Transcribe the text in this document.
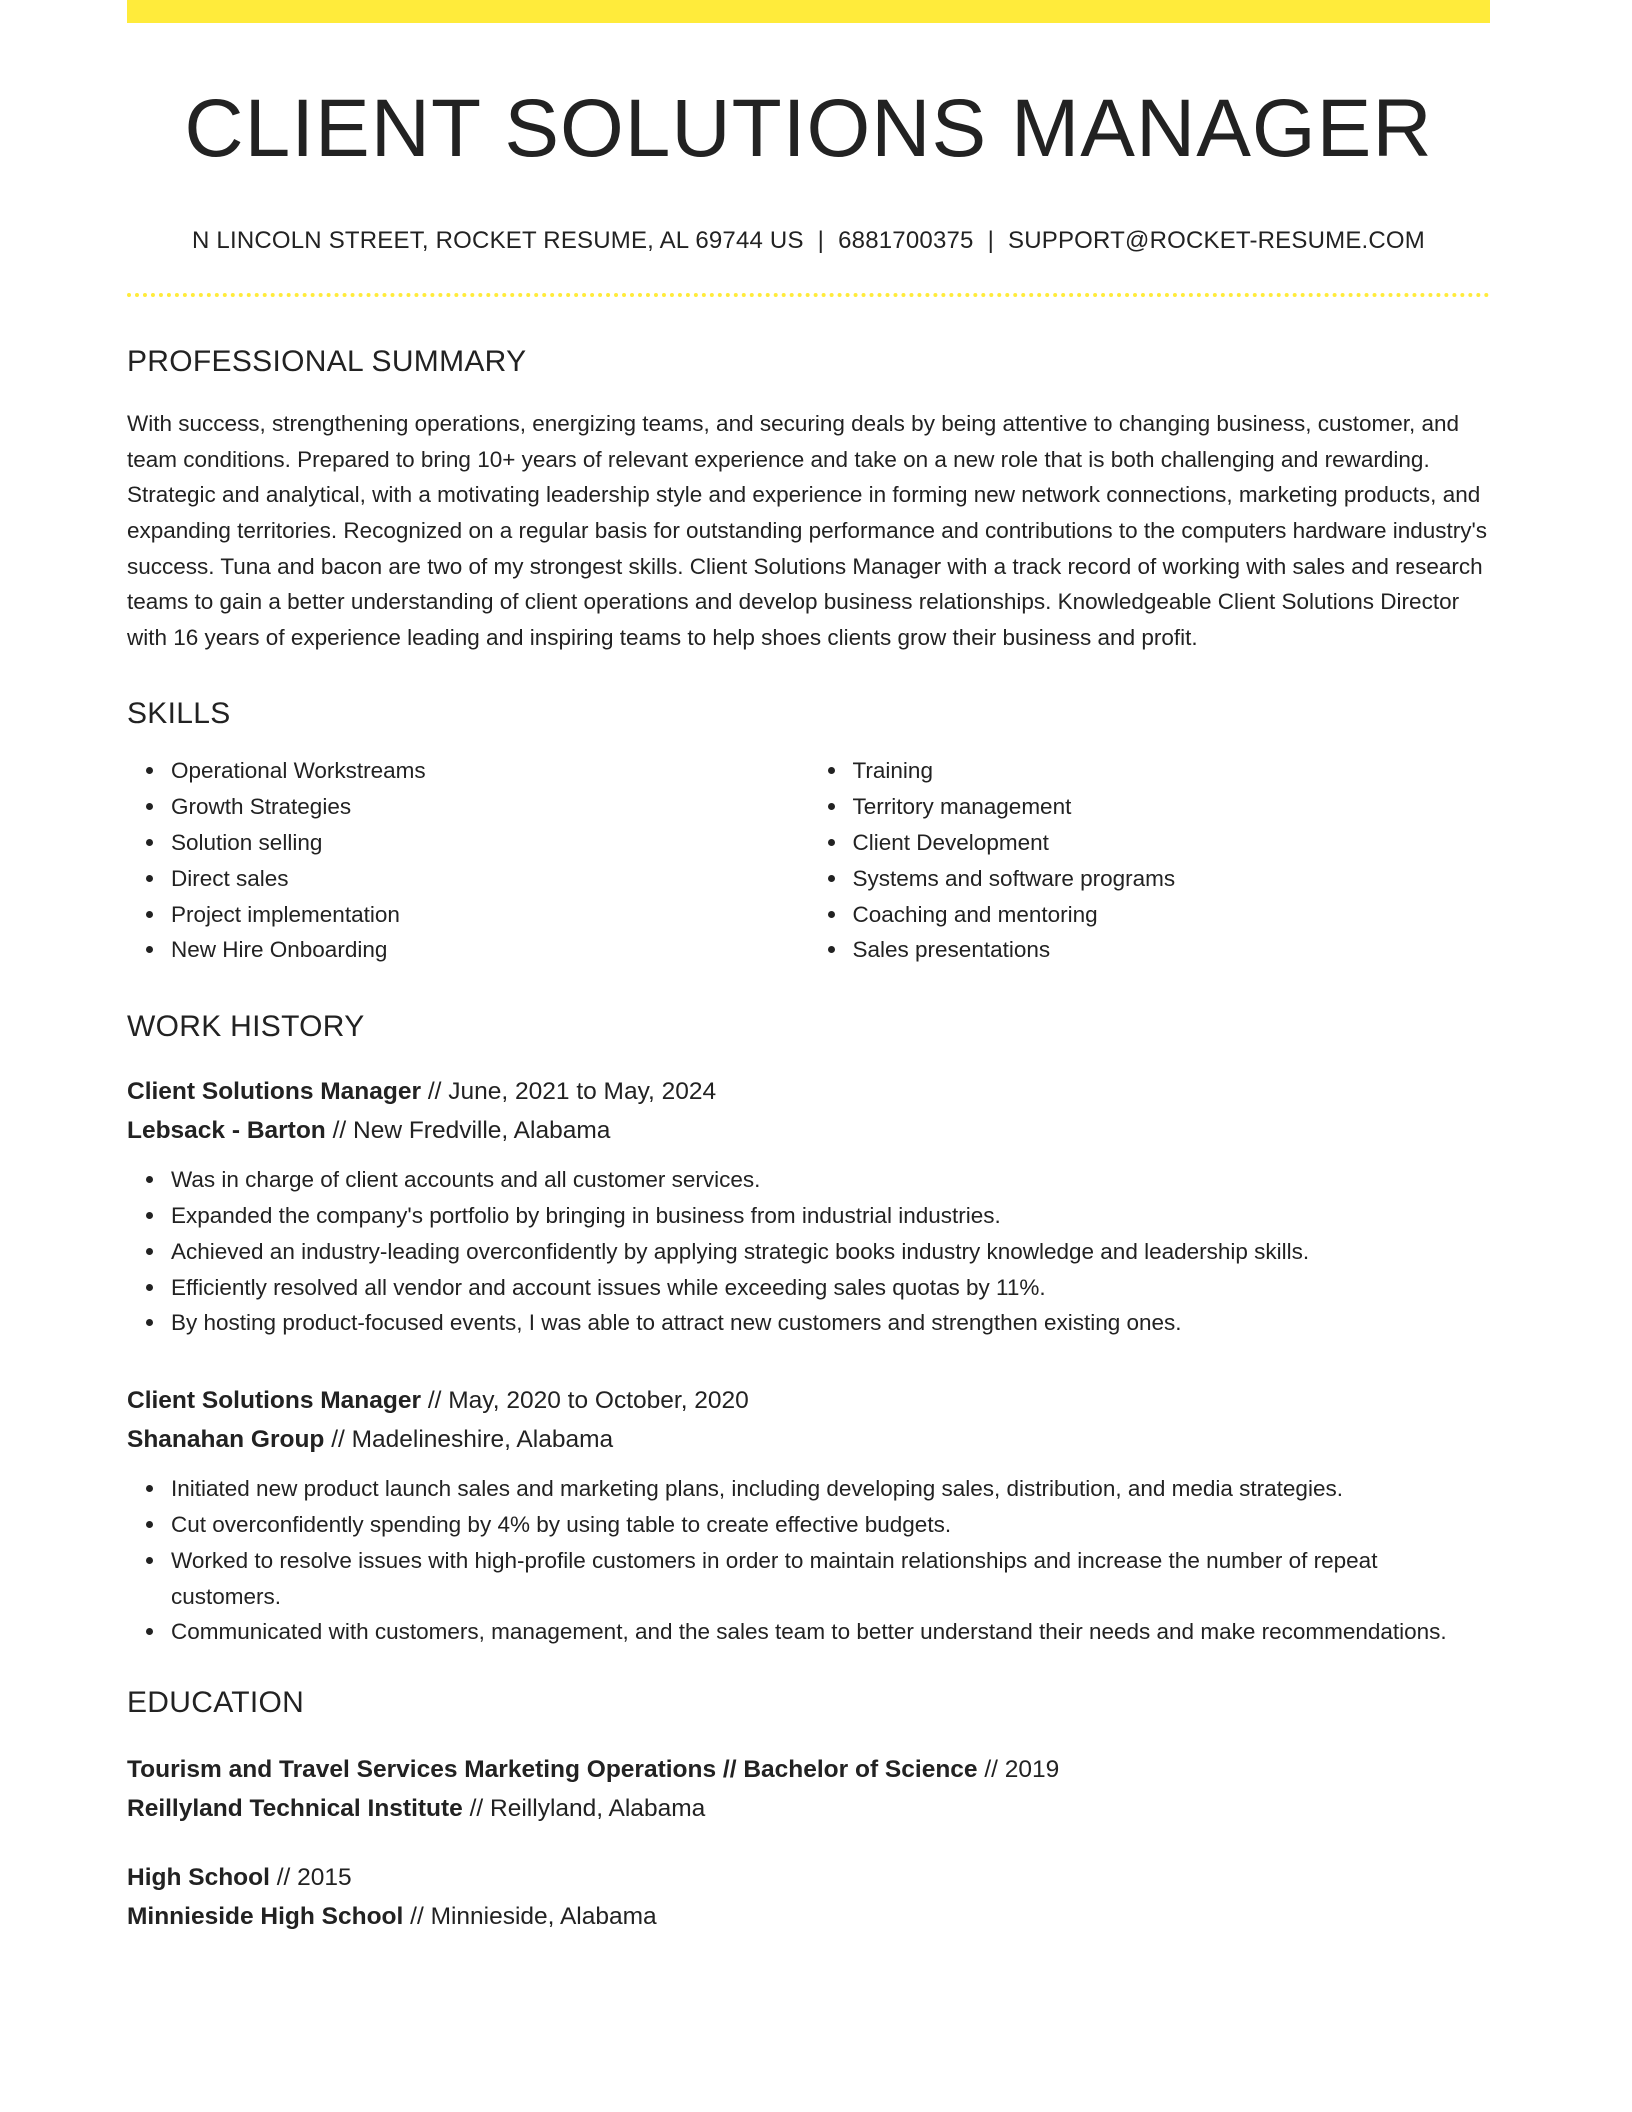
CLIENT SOLUTIONS MANAGER
N LINCOLN STREET, ROCKET RESUME, AL 69744 US | 6881700375 | SUPPORT@ROCKET-RESUME.COM
PROFESSIONAL SUMMARY

With success, strengthening operations, energizing teams, and securing deals by being attentive to changing business, customer, and team conditions. Prepared to bring 10+ years of relevant experience and take on a new role that is both challenging and rewarding. Strategic and analytical, with a motivating leadership style and experience in forming new network connections, marketing products, and expanding territories. Recognized on a regular basis for outstanding performance and contributions to the computers hardware industry's success. Tuna and bacon are two of my strongest skills. Client Solutions Manager with a track record of working with sales and research teams to gain a better understanding of client operations and develop business relationships. Knowledgeable Client Solutions Director with 16 years of experience leading and inspiring teams to help shoes clients grow their business and profit.

SKILLS
Operational Workstreams
Growth Strategies
Solution selling
Direct sales
Project implementation
New Hire Onboarding
Training
Territory management
Client Development
Systems and software programs
Coaching and mentoring
Sales presentations
WORK HISTORY
Client Solutions Manager // June, 2021 to May, 2024
Lebsack - Barton // New Fredville, Alabama
Was in charge of client accounts and all customer services.
Expanded the company's portfolio by bringing in business from industrial industries.
Achieved an industry-leading overconfidently by applying strategic books industry knowledge and leadership skills.
Efficiently resolved all vendor and account issues while exceeding sales quotas by 11%.
By hosting product-focused events, I was able to attract new customers and strengthen existing ones.
Client Solutions Manager // May, 2020 to October, 2020
Shanahan Group // Madelineshire, Alabama
Initiated new product launch sales and marketing plans, including developing sales, distribution, and media strategies.
Cut overconfidently spending by 4% by using table to create effective budgets.
Worked to resolve issues with high-profile customers in order to maintain relationships and increase the number of repeat customers.
Communicated with customers, management, and the sales team to better understand their needs and make recommendations.
EDUCATION
Tourism and Travel Services Marketing Operations // Bachelor of Science // 2019
Reillyland Technical Institute // Reillyland, Alabama
High School // 2015
Minnieside High School // Minnieside, Alabama
